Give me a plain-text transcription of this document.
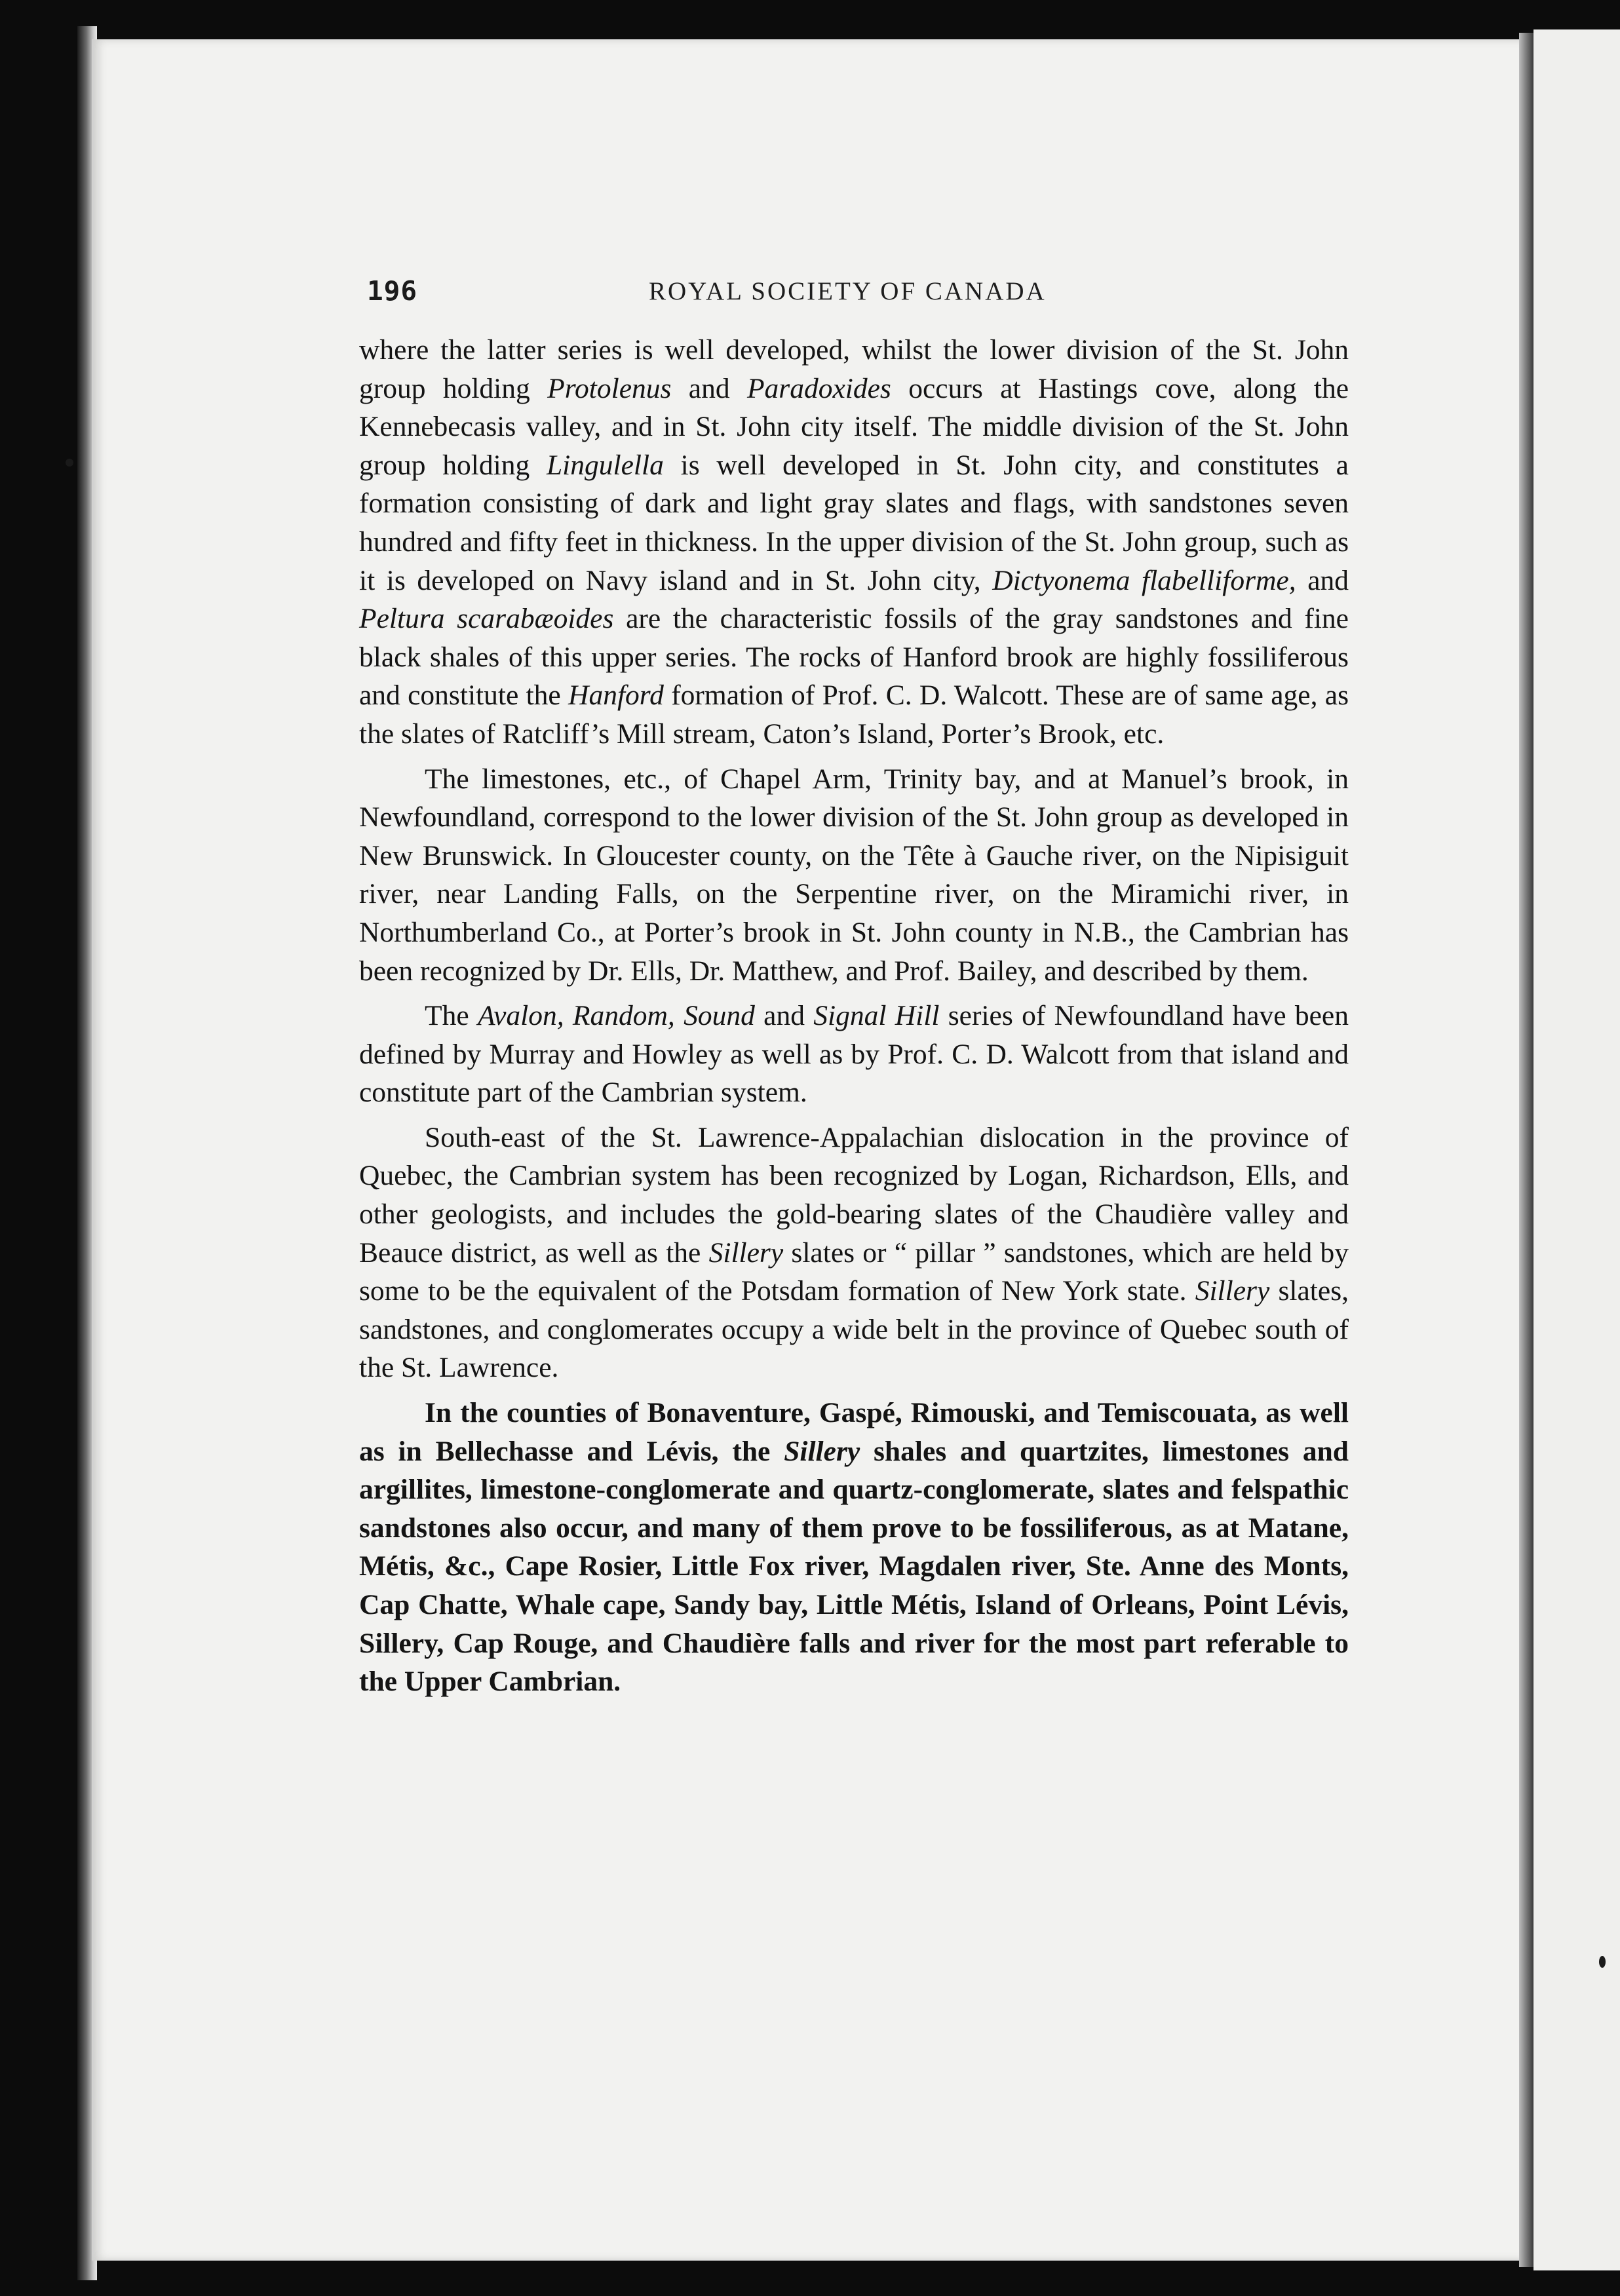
196	ROYAL SOCIETY OF CANADA

where the latter series is well developed, whilst the lower division of the St. John group holding Protolenus and Paradoxides occurs at Hastings cove, along the Kennebecasis valley, and in St. John city itself. The middle division of the St. John group holding Lingulella is well developed in St. John city, and constitutes a formation consisting of dark and light gray slates and flags, with sandstones seven hundred and fifty feet in thickness. In the upper division of the St. John group, such as it is developed on Navy island and in St. John city, Dictyonema flabelliforme, and Peltura scarabæoides are the characteristic fossils of the gray sandstones and fine black shales of this upper series. The rocks of Hanford brook are highly fossiliferous and constitute the Hanford formation of Prof. C. D. Walcott. These are of same age, as the slates of Ratcliff’s Mill stream, Caton’s Island, Porter’s Brook, etc.

The limestones, etc., of Chapel Arm, Trinity bay, and at Manuel’s brook, in Newfoundland, correspond to the lower division of the St. John group as developed in New Brunswick. In Gloucester county, on the Tête à Gauche river, on the Nipisiguit river, near Landing Falls, on the Serpentine river, on the Miramichi river, in Northumberland Co., at Porter’s brook in St. John county in N.B., the Cambrian has been recognized by Dr. Ells, Dr. Matthew, and Prof. Bailey, and described by them.

The Avalon, Random, Sound and Signal Hill series of Newfoundland have been defined by Murray and Howley as well as by Prof. C. D. Walcott from that island and constitute part of the Cambrian system.

South-east of the St. Lawrence-Appalachian dislocation in the province of Quebec, the Cambrian system has been recognized by Logan, Richardson, Ells, and other geologists, and includes the gold-bearing slates of the Chaudière valley and Beauce district, as well as the Sillery slates or “ pillar ” sandstones, which are held by some to be the equivalent of the Potsdam formation of New York state. Sillery slates, sandstones, and conglomerates occupy a wide belt in the province of Quebec south of the St. Lawrence.

In the counties of Bonaventure, Gaspé, Rimouski, and Temiscouata, as well as in Bellechasse and Lévis, the Sillery shales and quartzites, limestones and argillites, limestone-conglomerate and quartz-conglomerate, slates and felspathic sandstones also occur, and many of them prove to be fossiliferous, as at Matane, Métis, &c., Cape Rosier, Little Fox river, Magdalen river, Ste. Anne des Monts, Cap Chatte, Whale cape, Sandy bay, Little Métis, Island of Orleans, Point Lévis, Sillery, Cap Rouge, and Chaudière falls and river for the most part referable to the Upper Cambrian.
